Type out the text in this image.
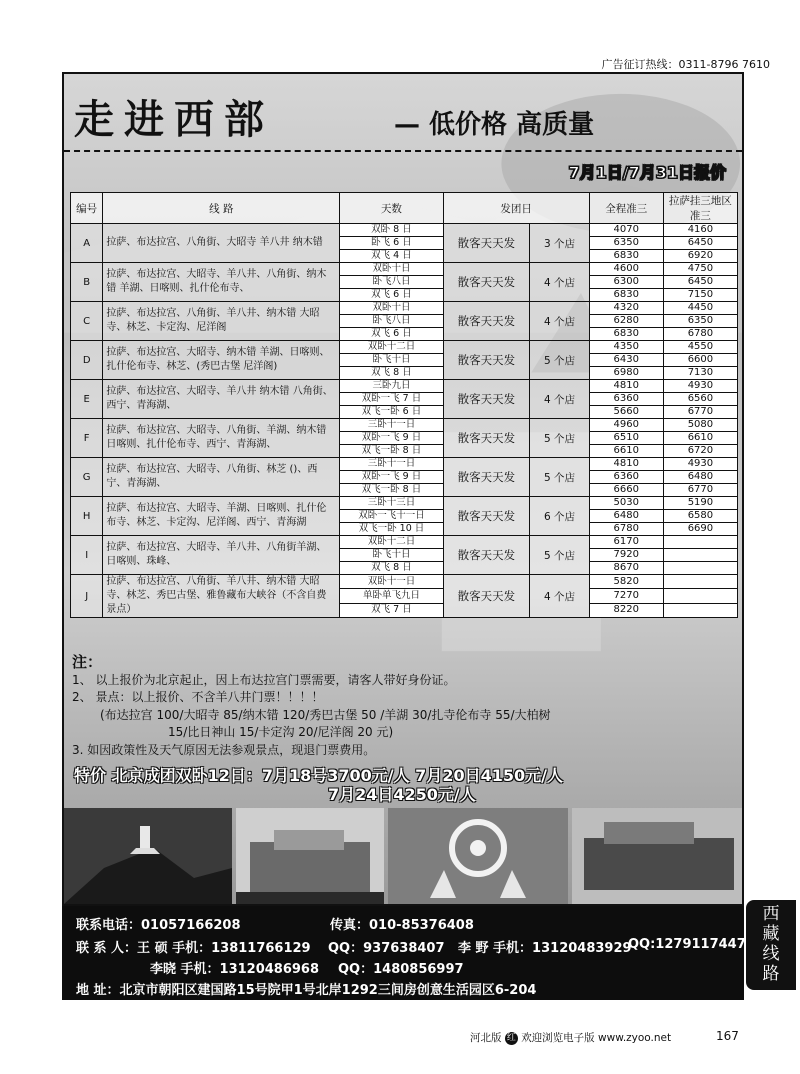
广告征订热线：0311-8796 7610
走进西部	— 低价格 高质量
7月1日/7月31日报价
编号	线 路	天数	发团日		全程准三	拉萨挂三地区准三
A	拉萨、布达拉宫、八角街、大昭寺 羊八井 纳木错	双卧 8 日	散客天天发	3 个店	4070	4160
		卧飞 6 日			6350	6450
		双飞 4 日			6830	6920
B	拉萨、布达拉宫、大昭寺、羊八井、八角街、纳木错 羊湖、日喀则、扎什伦布寺、	双卧十日	散客天天发	4 个店	4600	4750
		卧飞八日			6300	6450
		双飞 6 日			6830	7150
C	拉萨、布达拉宫、八角街、羊八井、纳木错 大昭寺、林芝、卡定沟、尼洋阁	双卧十日	散客天天发	4 个店	4320	4450
		卧飞八日			6280	6350
		双飞 6 日			6830	6780
D	拉萨、布达拉宫、大昭寺、纳木错 羊湖、日喀则、扎什伦布寺、林芝、(秀巴古堡 尼洋阁)	双卧十二日	散客天天发	5 个店	4350	4550
		卧飞十日			6430	6600
		双飞 8 日			6980	7130
E	拉萨、布达拉宫、大昭寺、羊八井 纳木错 八角街、西宁、青海湖、	三卧九日	散客天天发	4 个店	4810	4930
		双卧一飞 7 日			6360	6560
		双飞一卧 6 日			5660	6770
F	拉萨、布达拉宫、大昭寺、八角街、羊湖、纳木错 日喀则、扎什伦布寺、西宁、青海湖、	三卧十一日	散客天天发	5 个店	4960	5080
		双卧一飞 9 日			6510	6610
		双飞一卧 8 日			6610	6720
G	拉萨、布达拉宫、大昭寺、八角街、林芝 ()、西宁、青海湖、	三卧十一日	散客天天发	5 个店	4810	4930
		双卧一飞 9 日			6360	6480
		双飞一卧 8 日			6660	6770
H	拉萨、布达拉宫、大昭寺、羊湖、日喀则、扎什伦布寺、林芝、卡定沟、尼洋阁、西宁、青海湖	三卧十三日	散客天天发	6 个店	5030	5190
		双卧一飞十一日			6480	6580
		双飞一卧 10 日			6780	6690
I	拉萨、布达拉宫、大昭寺、羊八井、八角街羊湖、日喀则、珠峰、	双卧十二日	散客天天发	5 个店	6170	
		卧飞十日			7920	
		双飞 8 日			8670	
J	拉萨、布达拉宫、八角街、羊八井、纳木错 大昭寺、林芝、秀巴古堡、雅鲁藏布大峡谷（不含自费景点）	双卧十一日	散客天天发	4 个店	5820	
		单卧单飞九日			7270	
		双飞 7 日			8220	
注：
1、 以上报价为北京起止，因上布达拉宫门票需要，请客人带好身份证。
2、 景点：以上报价、不含羊八井门票！！！！
(布达拉宫 100/大昭寺 85/纳木错 120/秀巴古堡 50 /羊湖 30/扎寺伦布寺 55/大柏树
15/比日神山 15/卡定沟 20/尼洋阁 20 元)
3. 如因政策性及天气原因无法参观景点，现退门票费用。
特价 北京成团双卧12日：7月18号3700元/人 7月20日4150元/人
7月24日4250元/人
联系电话：01057166208	传真：010-85376408
联 系 人：王 硕 手机：13811766129 QQ：937638407 李 野 手机：13120483929
QQ:1279117447
李晓 手机：13120486968 QQ：1480856997
地 址：北京市朝阳区建国路15号院甲1号北岸1292三间房创意生活园区6-204
西
藏
线
路
河北版 红 欢迎浏览电子版 www.zyoo.net	167
